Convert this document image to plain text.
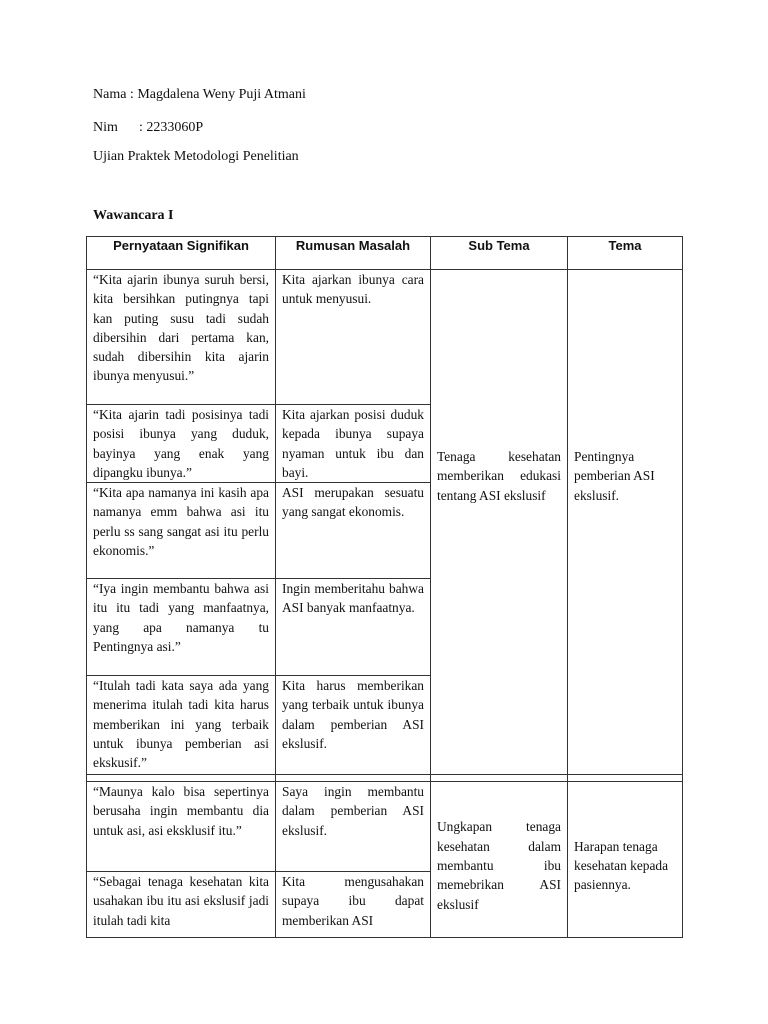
Nama : Magdalena Weny Puji Atmani
Nim : 2233060P
Ujian Praktek Metodologi Penelitian
Wawancara I
Pernyataan Signifikan	Rumusan Masalah	Sub Tema	Tema
“Kita ajarin ibunya suruh bersi, kita bersihkan putingnya tapi kan puting susu tadi sudah dibersihin dari pertama kan, sudah dibersihin kita ajarin ibunya menyusui.”	Kita ajarkan ibunya cara untuk menyusui.	Tenaga kesehatan memberikan edukasi tentang ASI ekslusif	Pentingnya pemberian ASI ekslusif.
“Kita ajarin tadi posisinya tadi posisi ibunya yang duduk, bayinya yang enak yang dipangku ibunya.”	Kita ajarkan posisi duduk kepada ibunya supaya nyaman untuk ibu dan bayi.		
“Kita apa namanya ini kasih apa namanya emm bahwa asi itu perlu ss sang sangat asi itu perlu ekonomis.”	ASI merupakan sesuatu yang sangat ekonomis.		
“Iya ingin membantu bahwa asi itu itu tadi yang manfaatnya, yang apa namanya tu Pentingnya asi.”	Ingin memberitahu bahwa ASI banyak manfaatnya.		
“Itulah tadi kata saya ada yang menerima itulah tadi kita harus memberikan ini yang terbaik untuk ibunya pemberian asi ekskusif.”	Kita harus memberikan yang terbaik untuk ibunya dalam pemberian ASI ekslusif.		

“Maunya kalo bisa sepertinya berusaha ingin membantu dia untuk asi, asi eksklusif itu.”	Saya ingin membantu dalam pemberian ASI ekslusif.	Ungkapan tenaga kesehatan dalam membantu ibu memebrikan ASI ekslusif	Harapan tenaga kesehatan kepada pasiennya.

“Sebagai tenaga kesehatan kita usahakan ibu itu asi ekslusif jadi itulah tadi kita	Kita mengusahakan supaya ibu dapat memberikan ASI		
